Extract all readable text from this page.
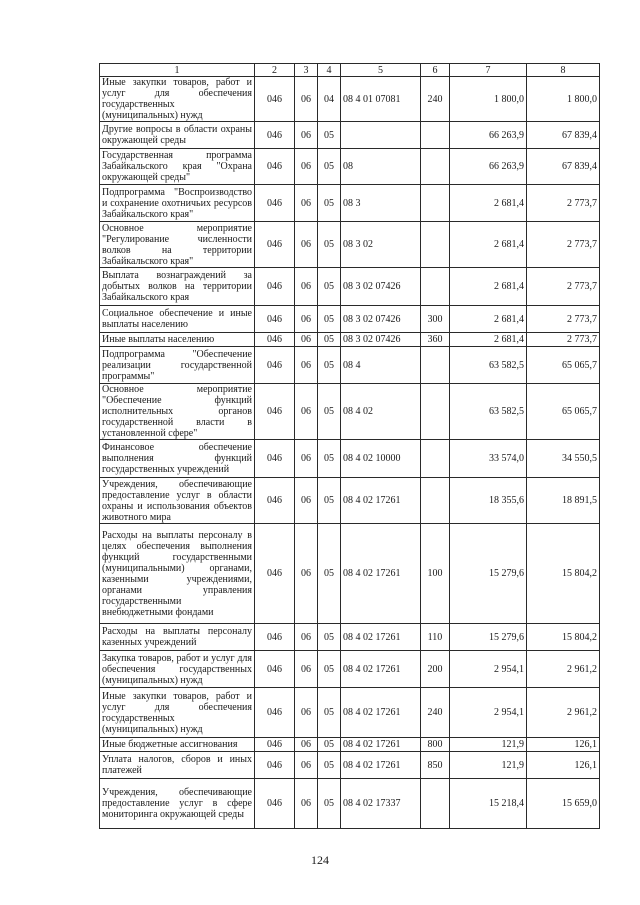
1	2	3	4	5	6	7	8
Иные закупки товаров, работ и услуг для обеспечения государственных (муниципальных) нужд	046	06	04	08 4 01 07081	240	1 800,0	1 800,0
Другие вопросы в области охраны окружающей среды	046	06	05			66 263,9	67 839,4
Государственная программа Забайкальского края "Охрана окружающей среды"	046	06	05	08		66 263,9	67 839,4
Подпрограмма "Воспроизводство и сохранение охотничьих ресурсов Забайкальского края"	046	06	05	08 3		2 681,4	2 773,7
Основное мероприятие "Регулирование численности волков на территории Забайкальского края"	046	06	05	08 3 02		2 681,4	2 773,7
Выплата вознаграждений за добытых волков на территории Забайкальского края	046	06	05	08 3 02 07426		2 681,4	2 773,7
Социальное обеспечение и иные выплаты населению	046	06	05	08 3 02 07426	300	2 681,4	2 773,7
Иные выплаты населению	046	06	05	08 3 02 07426	360	2 681,4	2 773,7
Подпрограмма "Обеспечение реализации государственной программы"	046	06	05	08 4		63 582,5	65 065,7
Основное мероприятие "Обеспечение функций исполнительных органов государственной власти в установленной сфере"	046	06	05	08 4 02		63 582,5	65 065,7
Финансовое обеспечение выполнения функций государственных учреждений	046	06	05	08 4 02 10000		33 574,0	34 550,5
Учреждения, обеспечивающие предоставление услуг в области охраны и использования объектов животного мира	046	06	05	08 4 02 17261		18 355,6	18 891,5
Расходы на выплаты персоналу в целях обеспечения выполнения функций государственными (муниципальными) органами, казенными учреждениями, органами управления государственными внебюджетными фондами	046	06	05	08 4 02 17261	100	15 279,6	15 804,2
Расходы на выплаты персоналу казенных учреждений	046	06	05	08 4 02 17261	110	15 279,6	15 804,2
Закупка товаров, работ и услуг для обеспечения государственных (муниципальных) нужд	046	06	05	08 4 02 17261	200	2 954,1	2 961,2
Иные закупки товаров, работ и услуг для обеспечения государственных (муниципальных) нужд	046	06	05	08 4 02 17261	240	2 954,1	2 961,2
Иные бюджетные ассигнования	046	06	05	08 4 02 17261	800	121,9	126,1
Уплата налогов, сборов и иных платежей	046	06	05	08 4 02 17261	850	121,9	126,1
Учреждения, обеспечивающие предоставление услуг в сфере мониторинга окружающей среды	046	06	05	08 4 02 17337		15 218,4	15 659,0
124
